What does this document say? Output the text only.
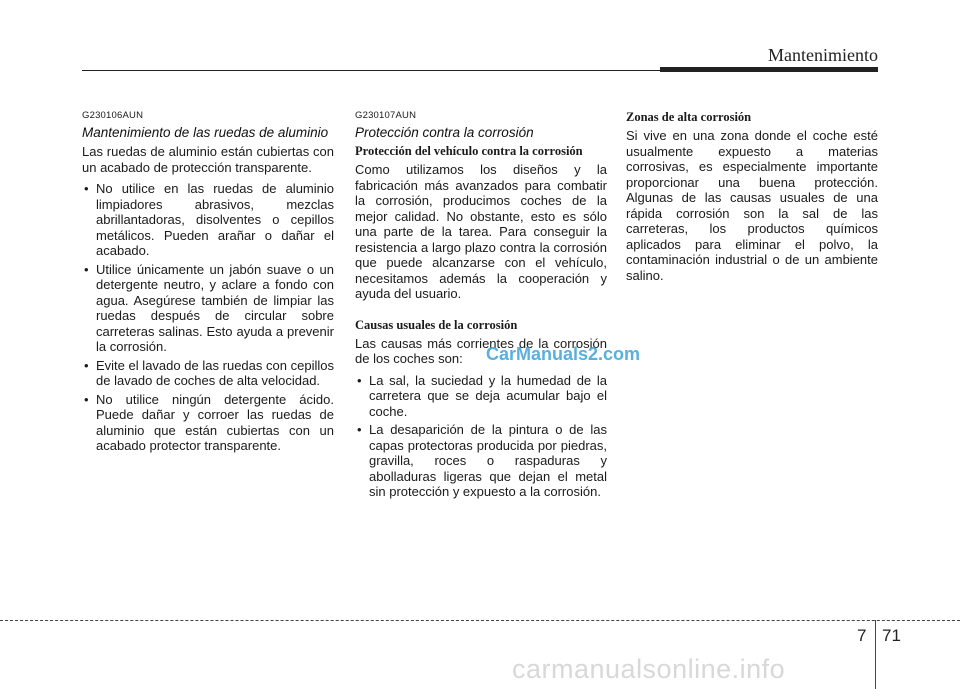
Mantenimiento
G230106AUN
Mantenimiento de las ruedas de aluminio

Las ruedas de aluminio están cubiertas con un acabado de protección transparente.

• No utilice en las ruedas de aluminio limpiadores abrasivos, mezclas abrillantadoras, disolventes o cepillos metálicos. Pueden arañar o dañar el acabado.
• Utilice únicamente un jabón suave o un detergente neutro, y aclare a fondo con agua. Asegúrese también de limpiar las ruedas después de circular sobre carreteras salinas. Esto ayuda a prevenir la corrosión.
• Evite el lavado de las ruedas con cepillos de lavado de coches de alta velocidad.
• No utilice ningún detergente ácido. Puede dañar y corroer las ruedas de aluminio que están cubiertas con un acabado protector transparente.
G230107AUN
Protección contra la corrosión
Protección del vehículo contra la corrosión

Como utilizamos los diseños y la fabricación más avanzados para combatir la corrosión, producimos coches de la mejor calidad. No obstante, esto es sólo una parte de la tarea. Para conseguir la resistencia a largo plazo contra la corrosión que puede alcanzarse con el vehículo, necesitamos además la cooperación y ayuda del usuario.

Causas usuales de la corrosión

Las causas más corrientes de la corrosión de los coches son:

• La sal, la suciedad y la humedad de la carretera que se deja acumular bajo el coche.
• La desaparición de la pintura o de las capas protectoras producida por piedras, gravilla, roces o raspaduras y abolladuras ligeras que dejan el metal sin protección y expuesto a la corrosión.
Zonas de alta corrosión

Si vive en una zona donde el coche esté usualmente expuesto a materias corrosivas, es especialmente importante proporcionar una buena protección. Algunas de las causas usuales de una rápida corrosión son la sal de las carreteras, los productos químicos aplicados para eliminar el polvo, la contaminación industrial o de un ambiente salino.

CarManuals2.com
7 71
carmanualsonline.info
